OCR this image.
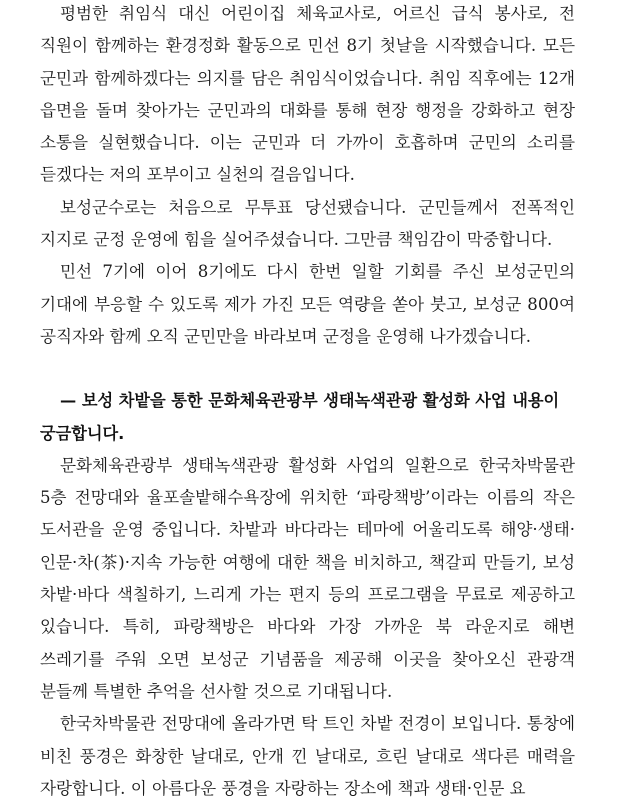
평범한 취임식 대신 어린이집 체육교사로, 어르신 급식 봉사로, 전 직원이 함께하는 환경정화 활동으로 민선 8기 첫날을 시작했습니다. 모든 군민과 함께하겠다는 의지를 담은 취임식이었습니다. 취임 직후에는 12개 읍면을 돌며 찾아가는 군민과의 대화를 통해 현장 행정을 강화하고 현장 소통을 실현했습니다. 이는 군민과 더 가까이 호흡하며 군민의 소리를 듣겠다는 저의 포부이고 실천의 걸음입니다.

보성군수로는 처음으로 무투표 당선됐습니다. 군민들께서 전폭적인 지지로 군정 운영에 힘을 실어주셨습니다. 그만큼 책임감이 막중합니다.

민선 7기에 이어 8기에도 다시 한번 일할 기회를 주신 보성군민의 기대에 부응할 수 있도록 제가 가진 모든 역량을 쏟아 붓고, 보성군 800여 공직자와 함께 오직 군민만을 바라보며 군정을 운영해 나가겠습니다.

— 보성 차밭을 통한 문화체육관광부 생태녹색관광 활성화 사업 내용이 궁금합니다.

문화체육관광부 생태녹색관광 활성화 사업의 일환으로 한국차박물관 5층 전망대와 율포솔밭해수욕장에 위치한 ‘파랑책방’이라는 이름의 작은 도서관을 운영 중입니다. 차밭과 바다라는 테마에 어울리도록 해양·생태·인문·차(茶)·지속 가능한 여행에 대한 책을 비치하고, 책갈피 만들기, 보성 차밭·바다 색칠하기, 느리게 가는 편지 등의 프로그램을 무료로 제공하고 있습니다. 특히, 파랑책방은 바다와 가장 가까운 북 라운지로 해변 쓰레기를 주워 오면 보성군 기념품을 제공해 이곳을 찾아오신 관광객 분들께 특별한 추억을 선사할 것으로 기대됩니다.

한국차박물관 전망대에 올라가면 탁 트인 차밭 전경이 보입니다. 통창에 비친 풍경은 화창한 날대로, 안개 낀 날대로, 흐린 날대로 색다른 매력을 자랑합니다. 이 아름다운 풍경을 자랑하는 장소에 책과 생태·인문 요
